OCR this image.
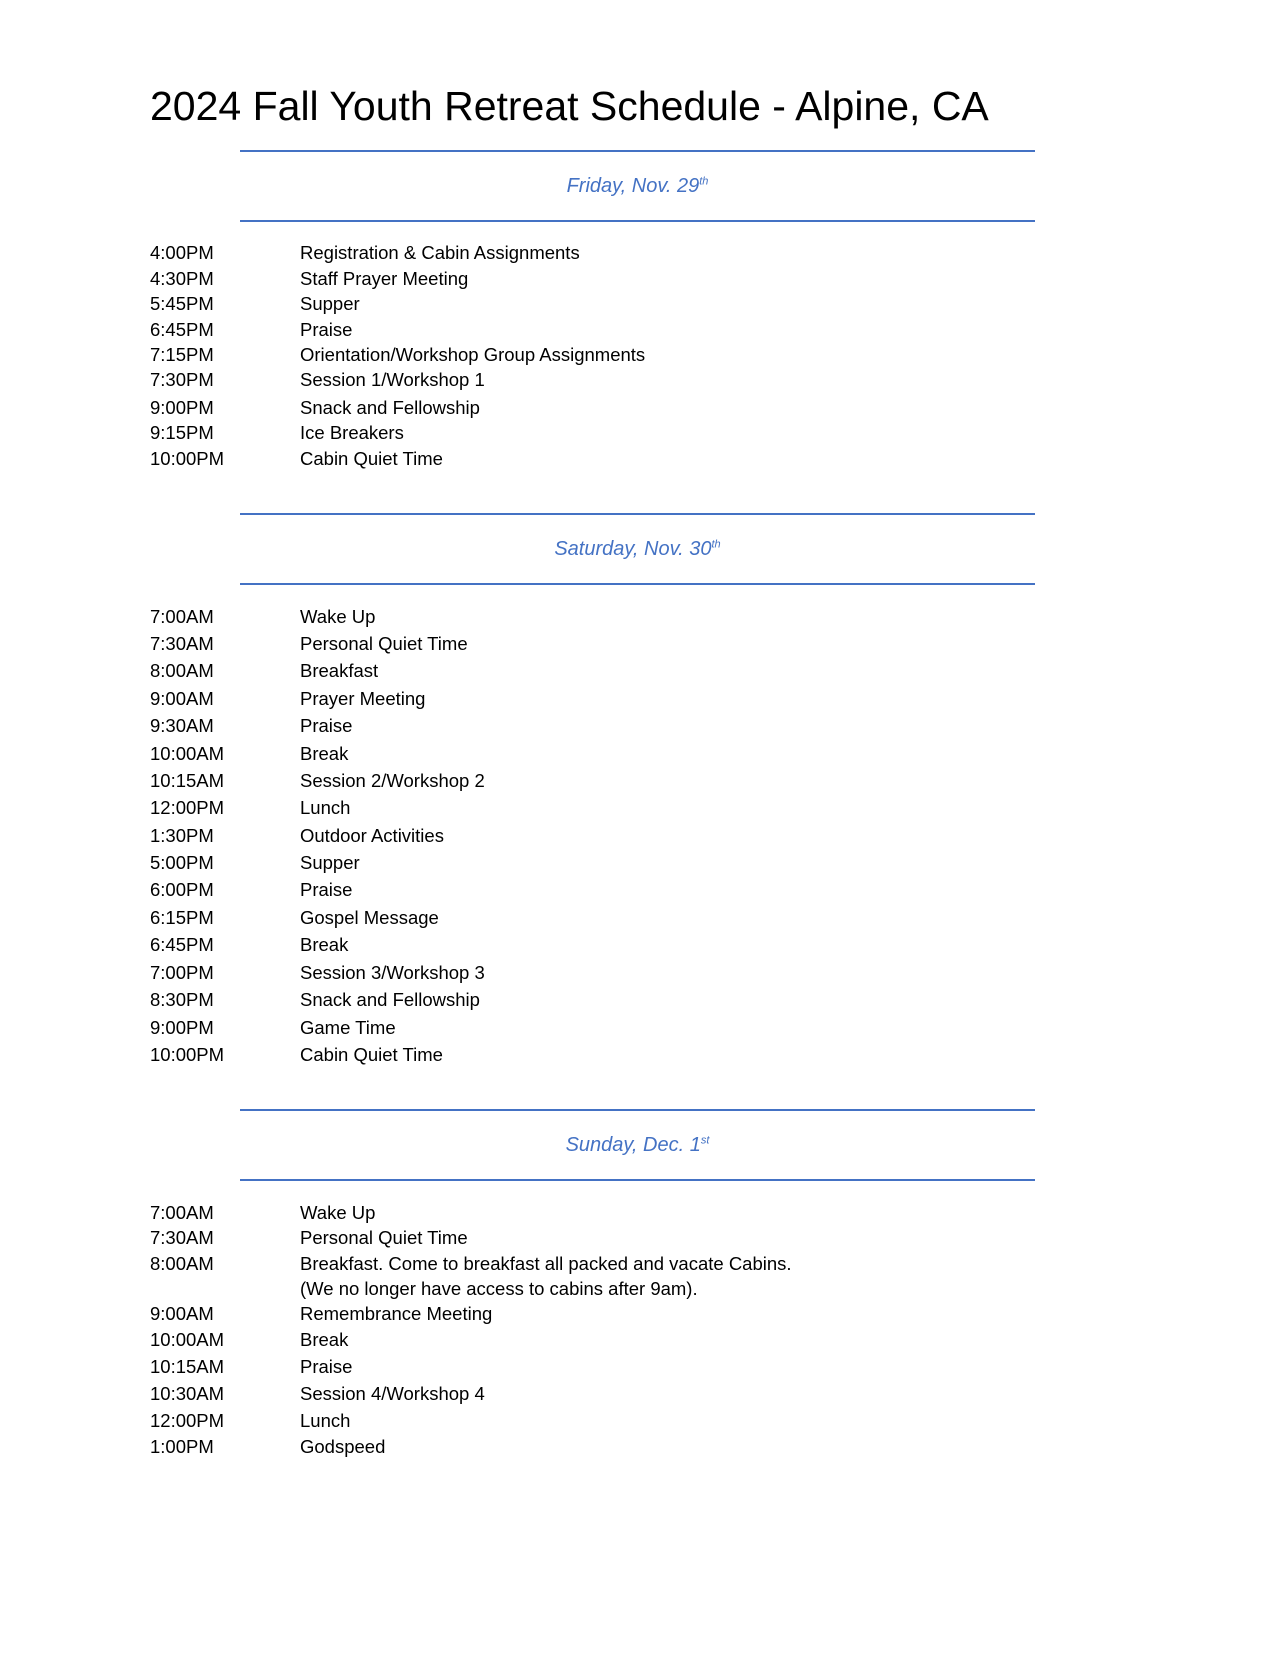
2024 Fall Youth Retreat Schedule - Alpine, CA
Friday, Nov. 29th
4:00PM	Registration & Cabin Assignments
4:30PM	Staff Prayer Meeting
5:45PM	Supper
6:45PM	Praise
7:15PM	Orientation/Workshop Group Assignments
7:30PM	Session 1/Workshop 1
9:00PM	Snack and Fellowship
9:15PM	Ice Breakers
10:00PM	Cabin Quiet Time
Saturday, Nov. 30th
7:00AM	Wake Up
7:30AM	Personal Quiet Time
8:00AM	Breakfast
9:00AM	Prayer Meeting
9:30AM	Praise
10:00AM	Break
10:15AM	Session 2/Workshop 2
12:00PM	Lunch
1:30PM	Outdoor Activities
5:00PM	Supper
6:00PM	Praise
6:15PM	Gospel Message
6:45PM	Break
7:00PM	Session 3/Workshop 3
8:30PM	Snack and Fellowship
9:00PM	Game Time
10:00PM	Cabin Quiet Time
Sunday, Dec. 1st
7:00AM	Wake Up
7:30AM	Personal Quiet Time
8:00AM	Breakfast. Come to breakfast all packed and vacate Cabins.
(We no longer have access to cabins after 9am).
9:00AM	Remembrance Meeting
10:00AM	Break
10:15AM	Praise
10:30AM	Session 4/Workshop 4
12:00PM	Lunch
1:00PM	Godspeed
